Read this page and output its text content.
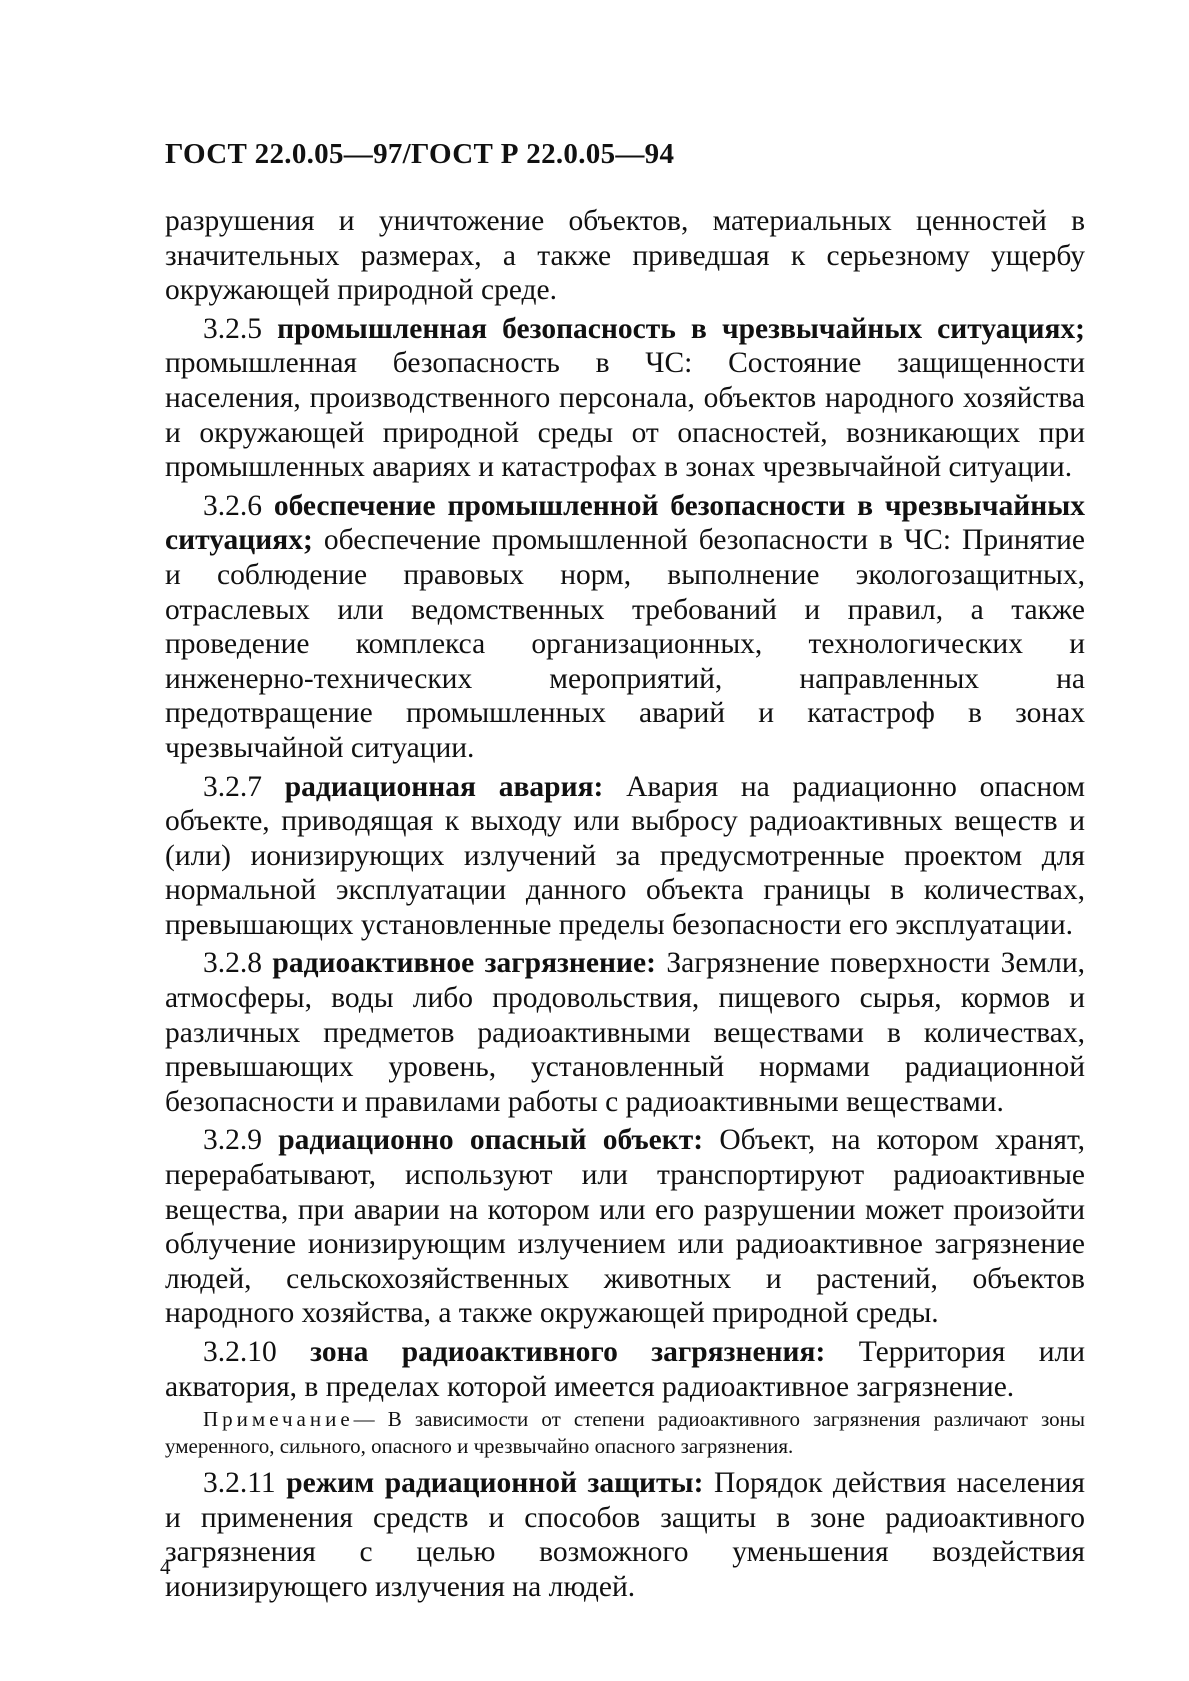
ГОСТ 22.0.05—97/ГОСТ Р 22.0.05—94

разрушения и уничтожение объектов, материальных ценностей в значительных размерах, а также приведшая к серьезному ущербу окружающей природной среде.

3.2.5 промышленная безопасность в чрезвычайных ситуациях; промышленная безопасность в ЧС: Состояние защищенности населения, производственного персонала, объектов народного хозяйства и окружающей природной среды от опасностей, возникающих при промышленных авариях и катастрофах в зонах чрезвычайной ситуации.

3.2.6 обеспечение промышленной безопасности в чрезвычайных ситуациях; обеспечение промышленной безопасности в ЧС: Принятие и соблюдение правовых норм, выполнение экологозащитных, отраслевых или ведомственных требований и правил, а также проведение комплекса организационных, технологических и инженерно-технических мероприятий, направленных на предотвращение промышленных аварий и катастроф в зонах чрезвычайной ситуации.

3.2.7 радиационная авария: Авария на радиационно опасном объекте, приводящая к выходу или выбросу радиоактивных веществ и (или) ионизирующих излучений за предусмотренные проектом для нормальной эксплуатации данного объекта границы в количествах, превышающих установленные пределы безопасности его эксплуатации.

3.2.8 радиоактивное загрязнение: Загрязнение поверхности Земли, атмосферы, воды либо продовольствия, пищевого сырья, кормов и различных предметов радиоактивными веществами в количествах, превышающих уровень, установленный нормами радиационной безопасности и правилами работы с радиоактивными веществами.

3.2.9 радиационно опасный объект: Объект, на котором хранят, перерабатывают, используют или транспортируют радиоактивные вещества, при аварии на котором или его разрушении может произойти облучение ионизирующим излучением или радиоактивное загрязнение людей, сельскохозяйственных животных и растений, объектов народного хозяйства, а также окружающей природной среды.

3.2.10 зона радиоактивного загрязнения: Территория или акватория, в пределах которой имеется радиоактивное загрязнение.

Примечание— В зависимости от степени радиоактивного загрязнения различают зоны умеренного, сильного, опасного и чрезвычайно опасного загрязнения.

3.2.11 режим радиационной защиты: Порядок действия населения и применения средств и способов защиты в зоне радиоактивного загрязнения с целью возможного уменьшения воздействия ионизирующего излучения на людей.

4
